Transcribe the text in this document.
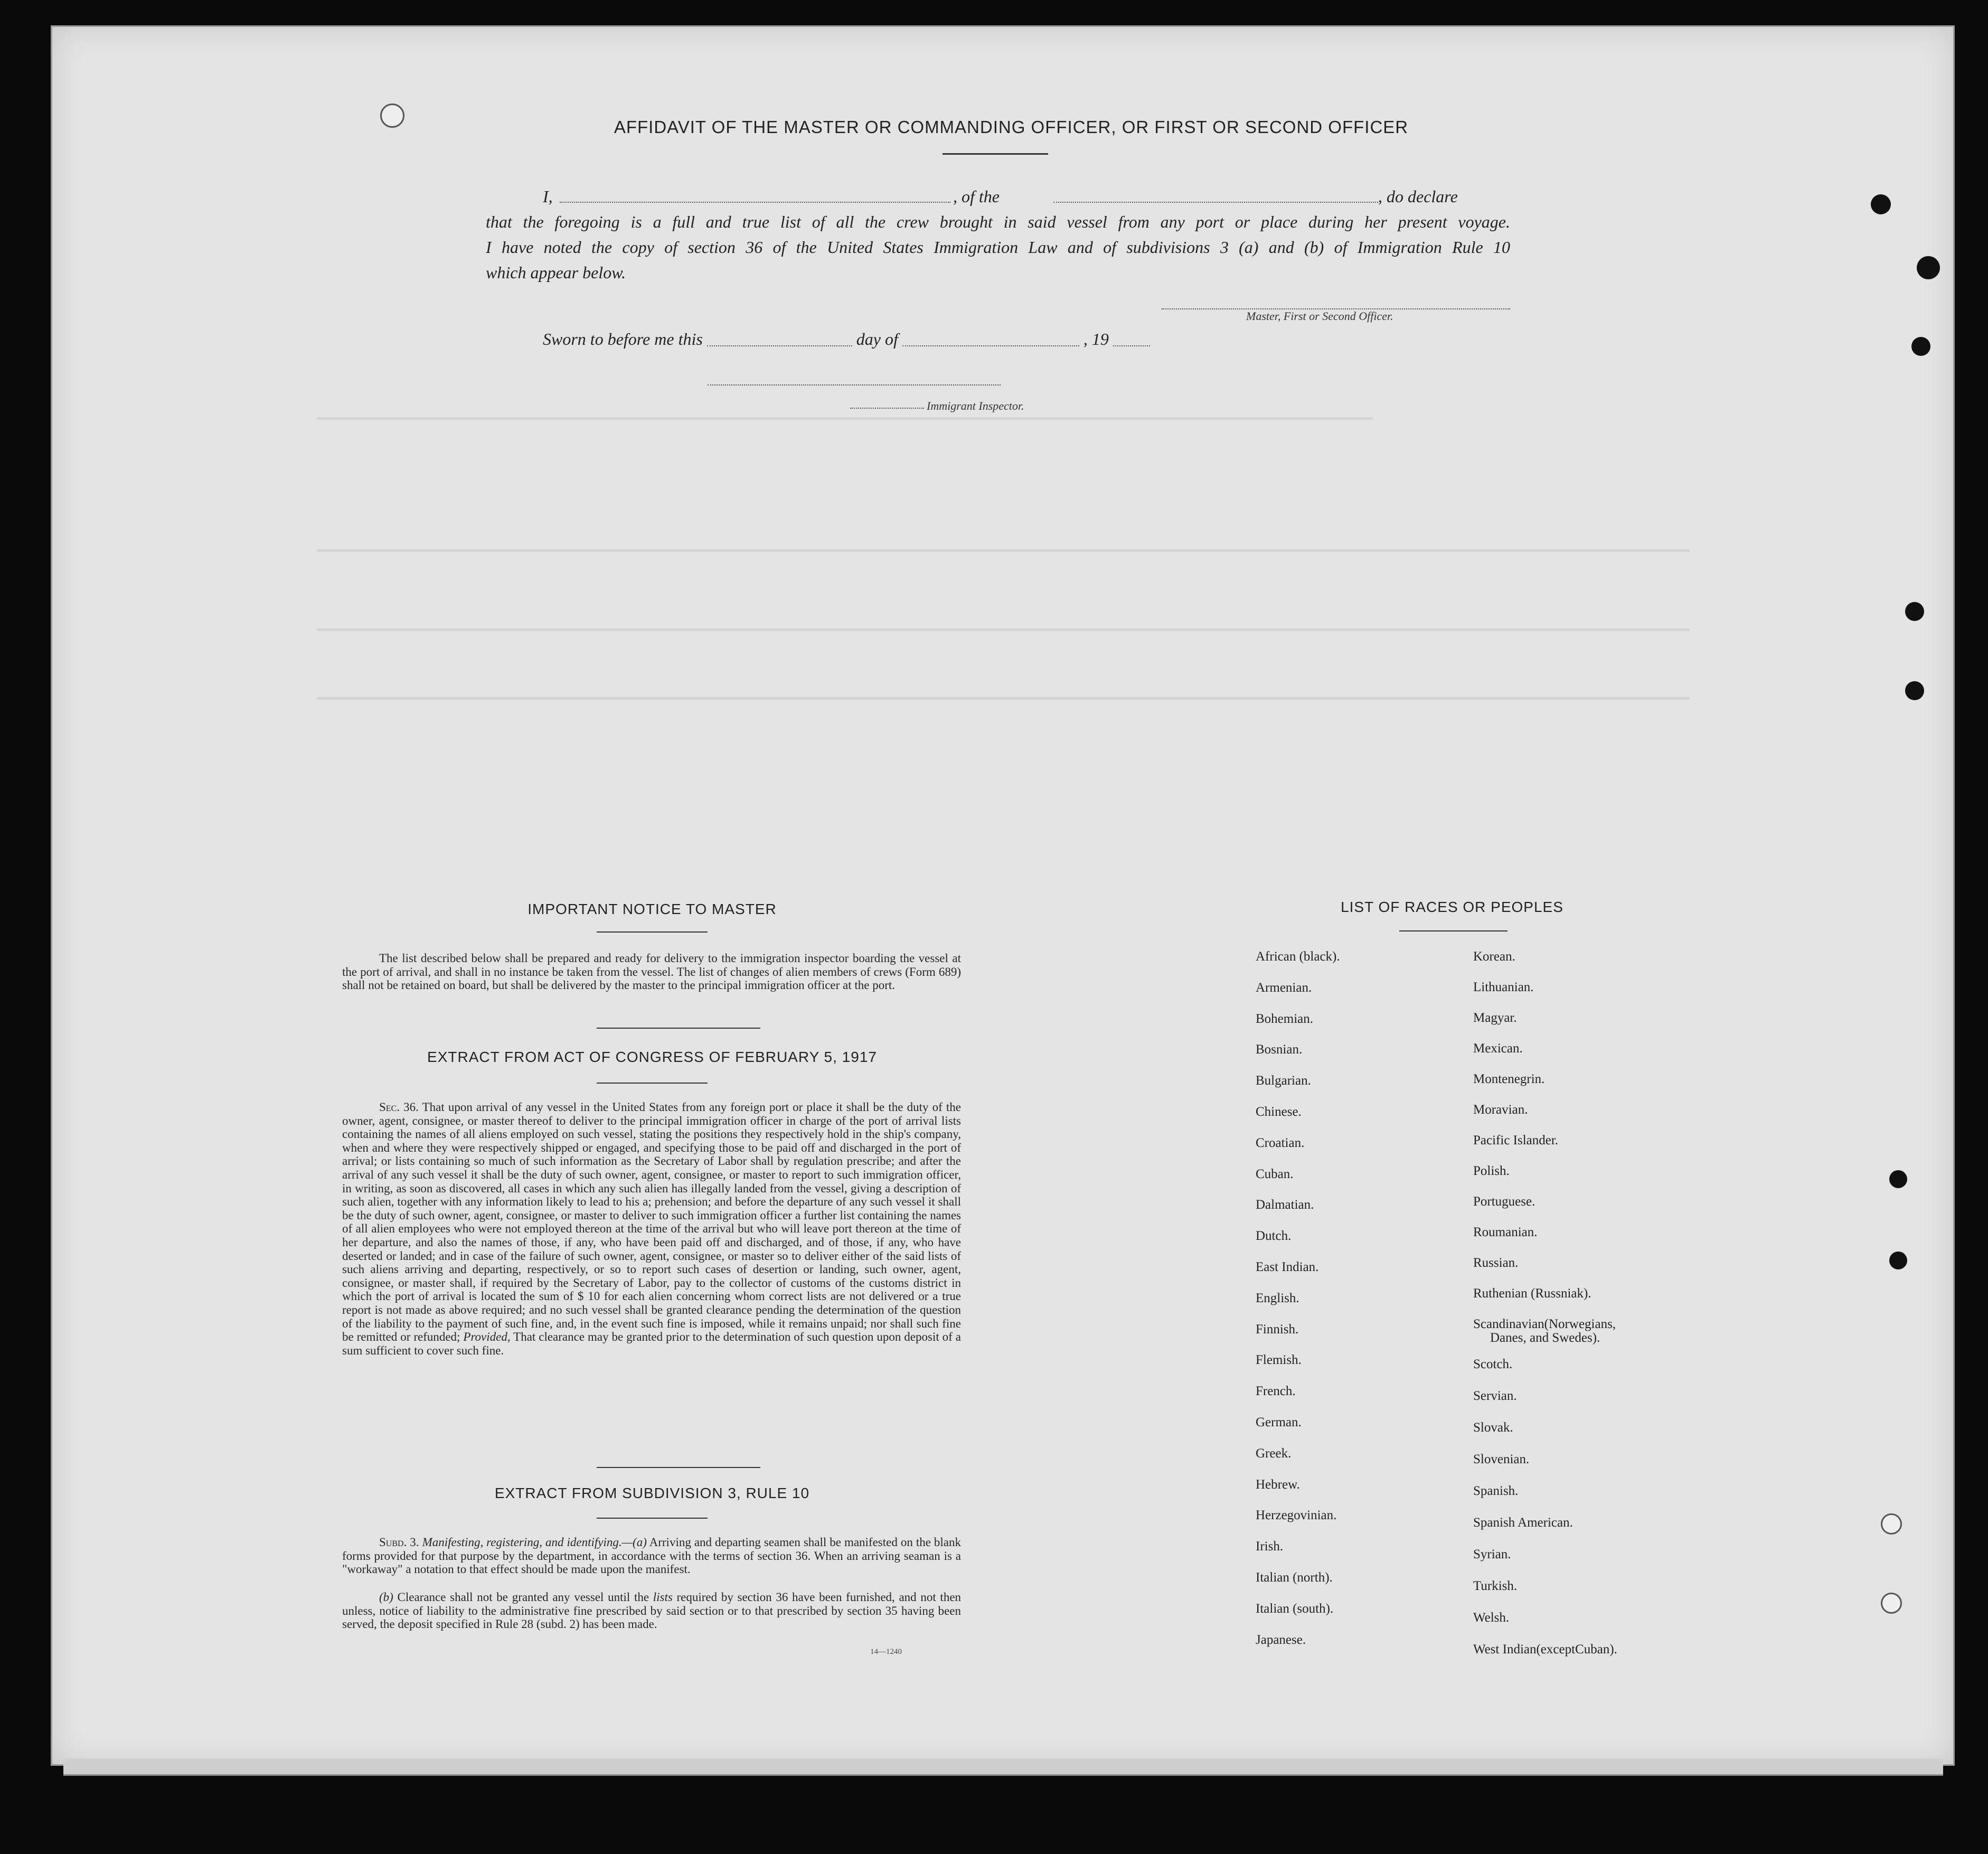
AFFIDAVIT OF THE MASTER OR COMMANDING OFFICER, OR FIRST OR SECOND OFFICER
I,	, of the	, do declare
that the foregoing is a full and true list of all the crew brought in said vessel from any port or place during her present voyage.
I have noted the copy of section 36 of the United States Immigration Law and of subdivisions 3 (a) and (b) of Immigration Rule 10
which appear below.
Master, First or Second Officer.
Sworn to before me this	day of	, 19
Immigrant Inspector.
IMPORTANT NOTICE TO MASTER
The list described below shall be prepared and ready for delivery to the immigration inspector boarding the vessel at the port of arrival, and shall in no instance be taken from the vessel. The list of changes of alien members of crews (Form 689) shall not be retained on board, but shall be delivered by the master to the principal immigration officer at the port.
EXTRACT FROM ACT OF CONGRESS OF FEBRUARY 5, 1917
Sec. 36. That upon arrival of any vessel in the United States from any foreign port or place it shall be the duty of the owner, agent, consignee, or master thereof to deliver to the principal immigration officer in charge of the port of arrival lists containing the names of all aliens employed on such vessel, stating the positions they respectively hold in the ship's company, when and where they were respectively shipped or engaged, and specifying those to be paid off and discharged in the port of arrival; or lists containing so much of such information as the Secretary of Labor shall by regulation prescribe; and after the arrival of any such vessel it shall be the duty of such owner, agent, consignee, or master to report to such immigration officer, in writing, as soon as discovered, all cases in which any such alien has illegally landed from the vessel, giving a description of such alien, together with any information likely to lead to his a; prehension; and before the departure of any such vessel it shall be the duty of such owner, agent, consignee, or master to deliver to such immigration officer a further list containing the names of all alien employees who were not employed thereon at the time of the arrival but who will leave port thereon at the time of her departure, and also the names of those, if any, who have been paid off and discharged, and of those, if any, who have deserted or landed; and in case of the failure of such owner, agent, consignee, or master so to deliver either of the said lists of such aliens arriving and departing, respectively, or so to report such cases of desertion or landing, such owner, agent, consignee, or master shall, if required by the Secretary of Labor, pay to the collector of customs of the customs district in which the port of arrival is located the sum of $ 10 for each alien concerning whom correct lists are not delivered or a true report is not made as above required; and no such vessel shall be granted clearance pending the determination of the question of the liability to the payment of such fine, and, in the event such fine is imposed, while it remains unpaid; nor shall such fine be remitted or refunded; Provided, That clearance may be granted prior to the determination of such question upon deposit of a sum sufficient to cover such fine.
EXTRACT FROM SUBDIVISION 3, RULE 10
Subd. 3. Manifesting, registering, and identifying.—(a) Arriving and departing seamen shall be manifested on the blank forms provided for that purpose by the department, in accordance with the terms of section 36. When an arriving seaman is a "workaway" a notation to that effect should be made upon the manifest.
(b) Clearance shall not be granted any vessel until the lists required by section 36 have been furnished, and not then unless, notice of liability to the administrative fine prescribed by said section or to that prescribed by section 35 having been served, the deposit specified in Rule 28 (subd. 2) has been made.
14—1240
LIST OF RACES OR PEOPLES
African (black).
Armenian.
Bohemian.
Bosnian.
Bulgarian.
Chinese.
Croatian.
Cuban.
Dalmatian.
Dutch.
East Indian.
English.
Finnish.
Flemish.
French.
German.
Greek.
Hebrew.
Herzegovinian.
Irish.
Italian (north).
Italian (south).
Japanese.
Korean.
Lithuanian.
Magyar.
Mexican.
Montenegrin.
Moravian.
Pacific Islander.
Polish.
Portuguese.
Roumanian.
Russian.
Ruthenian (Russniak).
Scandinavian(Norwegians,
Danes, and Swedes).
Scotch.
Servian.
Slovak.
Slovenian.
Spanish.
Spanish American.
Syrian.
Turkish.
Welsh.
West Indian(exceptCuban).
